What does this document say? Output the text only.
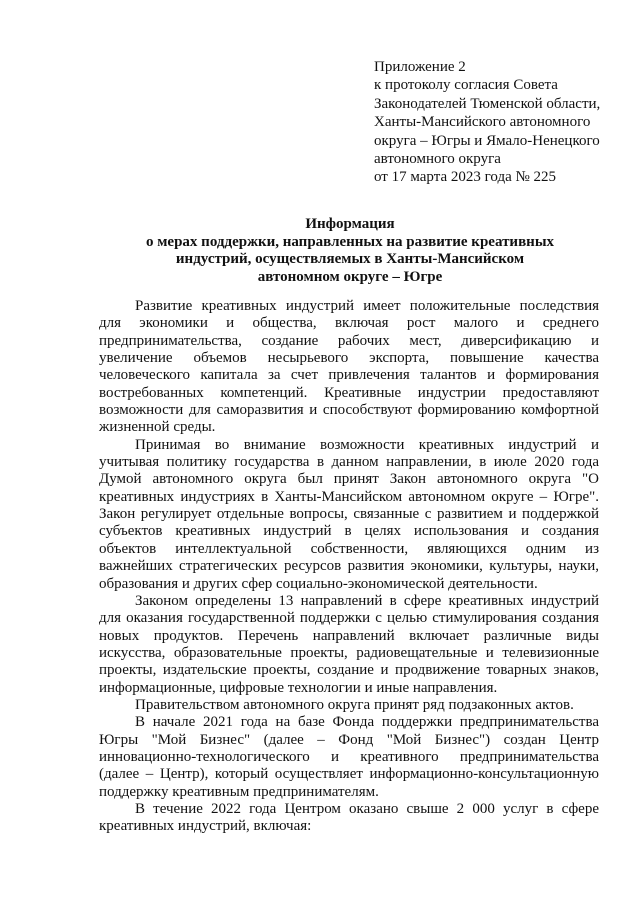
Приложение 2
к протоколу согласия Совета
Законодателей Тюменской области,
Ханты-Мансийского автономного
округа – Югры и Ямало-Ненецкого
автономного округа
от 17 марта 2023 года № 225
Информация
о мерах поддержки, направленных на развитие креативных
индустрий, осуществляемых в Ханты-Мансийском
автономном округе – Югре
Развитие креативных индустрий имеет положительные последствия
для экономики и общества, включая рост малого и среднего
предпринимательства, создание рабочих мест, диверсификацию и
увеличение объемов несырьевого экспорта, повышение качества
человеческого капитала за счет привлечения талантов и формирования
востребованных компетенций. Креативные индустрии предоставляют
возможности для саморазвития и способствуют формированию комфортной
жизненной среды.
Принимая во внимание возможности креативных индустрий и
учитывая политику государства в данном направлении, в июле 2020 года
Думой автономного округа был принят Закон автономного округа "О
креативных индустриях в Ханты-Мансийском автономном округе – Югре".
Закон регулирует отдельные вопросы, связанные с развитием и поддержкой
субъектов креативных индустрий в целях использования и создания
объектов интеллектуальной собственности, являющихся одним из
важнейших стратегических ресурсов развития экономики, культуры, науки,
образования и других сфер социально-экономической деятельности.
Законом определены 13 направлений в сфере креативных индустрий
для оказания государственной поддержки с целью стимулирования создания
новых продуктов. Перечень направлений включает различные виды
искусства, образовательные проекты, радиовещательные и телевизионные
проекты, издательские проекты, создание и продвижение товарных знаков,
информационные, цифровые технологии и иные направления.
Правительством автономного округа принят ряд подзаконных актов.
В начале 2021 года на базе Фонда поддержки предпринимательства
Югры "Мой Бизнес" (далее – Фонд "Мой Бизнес") создан Центр
инновационно-технологического и креативного предпринимательства
(далее – Центр), который осуществляет информационно-консультационную
поддержку креативным предпринимателям.
В течение 2022 года Центром оказано свыше 2 000 услуг в сфере
креативных индустрий, включая:
